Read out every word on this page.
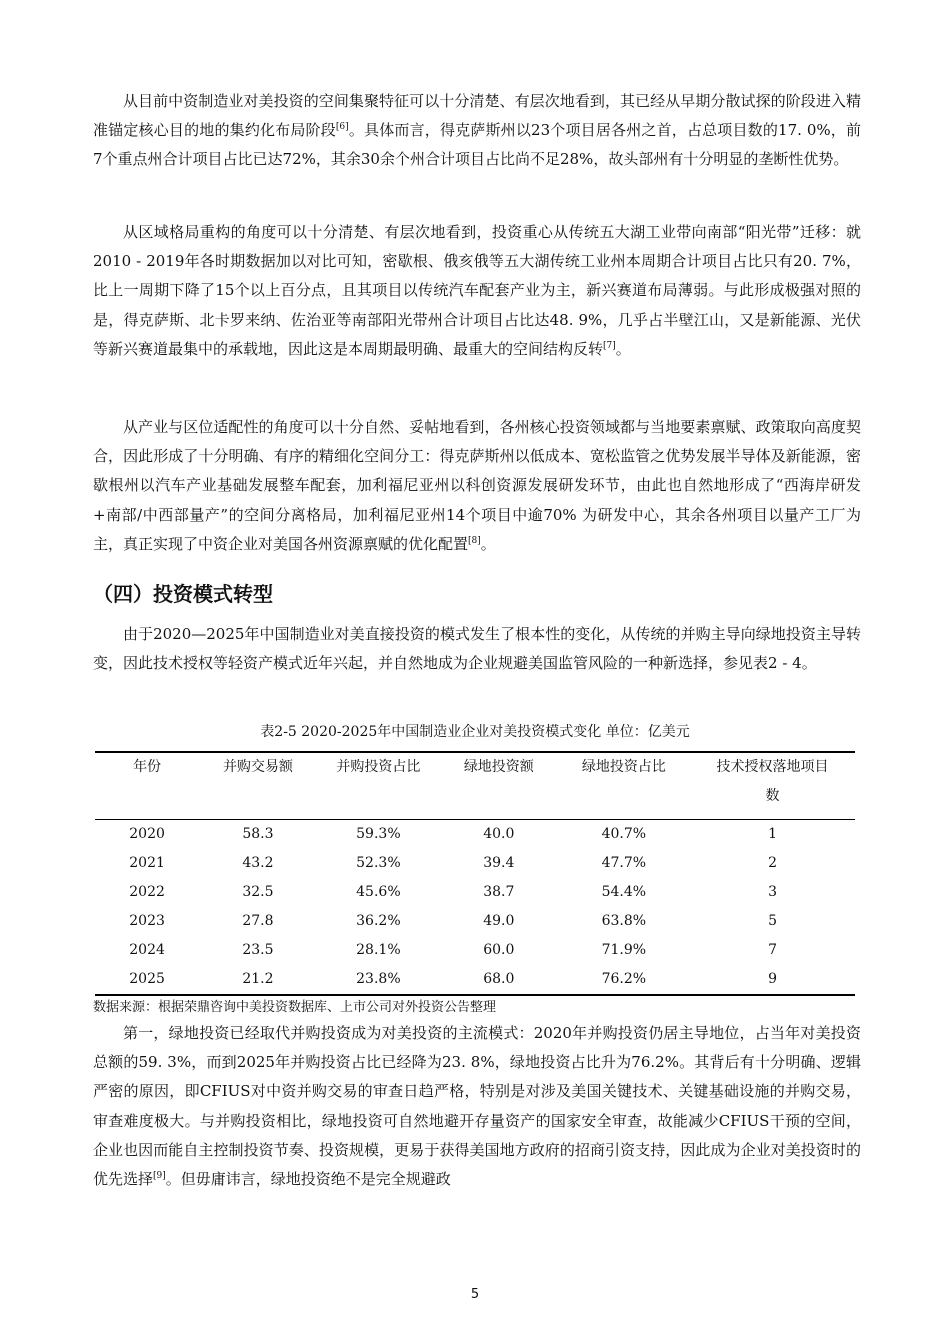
从目前中资制造业对美投资的空间集聚特征可以十分清楚、有层次地看到，其已经从早期分散试探的阶段进入精准锚定核心目的地的集约化布局阶段[6]。具体而言，得克萨斯州以23个项目居各州之首，占总项目数的17. 0%，前7个重点州合计项目占比已达72%，其余30余个州合计项目占比尚不足28%，故头部州有十分明显的垄断性优势。

从区域格局重构的角度可以十分清楚、有层次地看到，投资重心从传统五大湖工业带向南部“阳光带”迁移：就2010 - 2019年各时期数据加以对比可知，密歇根、俄亥俄等五大湖传统工业州本周期合计项目占比只有20. 7%，比上一周期下降了15个以上百分点，且其项目以传统汽车配套产业为主，新兴赛道布局薄弱。与此形成极强对照的是，得克萨斯、北卡罗来纳、佐治亚等南部阳光带州合计项目占比达48. 9%，几乎占半壁江山，又是新能源、光伏等新兴赛道最集中的承载地，因此这是本周期最明确、最重大的空间结构反转[7]。

从产业与区位适配性的角度可以十分自然、妥帖地看到，各州核心投资领域都与当地要素禀赋、政策取向高度契合，因此形成了十分明确、有序的精细化空间分工：得克萨斯州以低成本、宽松监管之优势发展半导体及新能源，密歇根州以汽车产业基础发展整车配套，加利福尼亚州以科创资源发展研发环节，由此也自然地形成了“西海岸研发+南部/中西部量产”的空间分离格局，加利福尼亚州14个项目中逾70% 为研发中心，其余各州项目以量产工厂为主，真正实现了中资企业对美国各州资源禀赋的优化配置[8]。

（四）投资模式转型

由于2020—2025年中国制造业对美直接投资的模式发生了根本性的变化，从传统的并购主导向绿地投资主导转变，因此技术授权等轻资产模式近年兴起，并自然地成为企业规避美国监管风险的一种新选择，参见表2 - 4。

表2-5 2020-2025年中国制造业企业对美投资模式变化 单位：亿美元
年份	并购交易额	并购投资占比	绿地投资额	绿地投资占比	技术授权落地项目数
2020	58.3	59.3%	40.0	40.7%	1
2021	43.2	52.3%	39.4	47.7%	2
2022	32.5	45.6%	38.7	54.4%	3
2023	27.8	36.2%	49.0	63.8%	5
2024	23.5	28.1%	60.0	71.9%	7
2025	21.2	23.8%	68.0	76.2%	9
数据来源：根据荣鼎咨询中美投资数据库、上市公司对外投资公告整理

第一，绿地投资已经取代并购投资成为对美投资的主流模式：2020年并购投资仍居主导地位，占当年对美投资总额的59. 3%，而到2025年并购投资占比已经降为23. 8%，绿地投资占比升为76.2%。其背后有十分明确、逻辑严密的原因，即CFIUS对中资并购交易的审查日趋严格，特别是对涉及美国关键技术、关键基础设施的并购交易，审查难度极大。与并购投资相比，绿地投资可自然地避开存量资产的国家安全审查，故能减少CFIUS干预的空间，企业也因而能自主控制投资节奏、投资规模，更易于获得美国地方政府的招商引资支持，因此成为企业对美投资时的优先选择[9]。但毋庸讳言，绿地投资绝不是完全规避政

5
